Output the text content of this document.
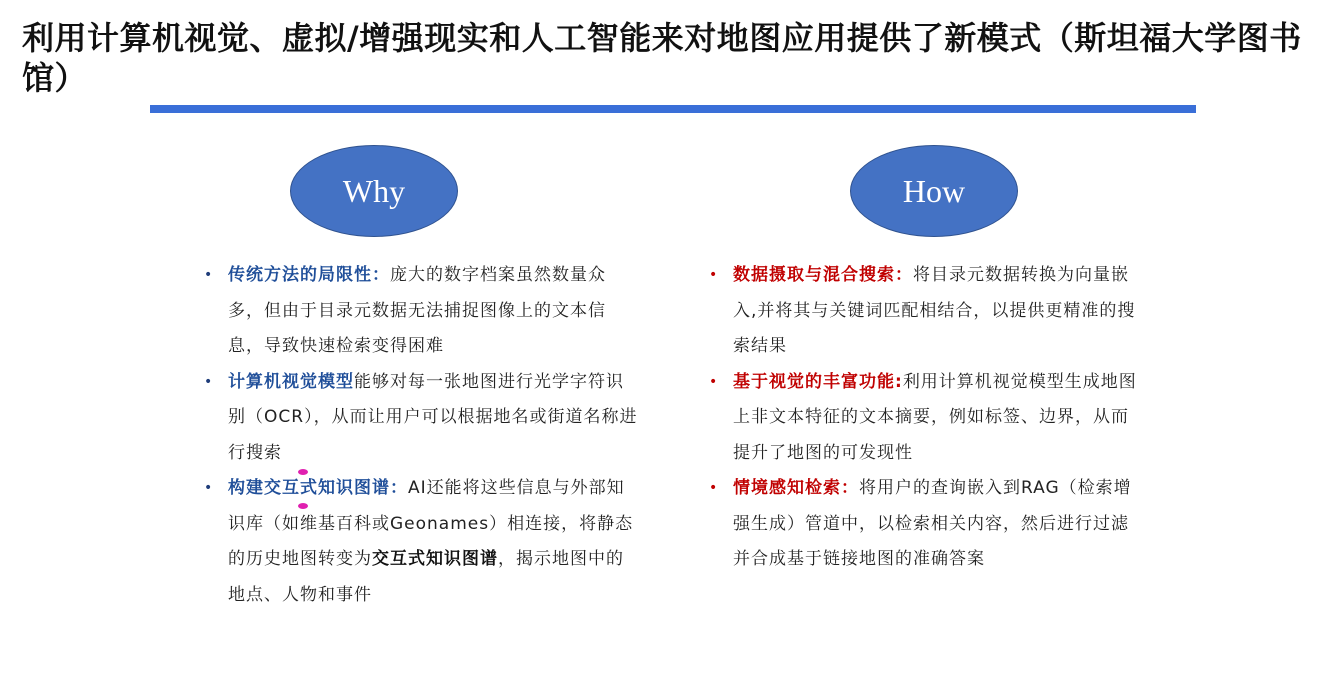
利用计算机视觉、虚拟/增强现实和人工智能来对地图应用提供了新模式（斯坦福大学图书馆）
Why	How
• 传统方法的局限性：庞大的数字档案虽然数量众多，但由于目录元数据无法捕捉图像上的文本信息，导致快速检索变得困难
• 计算机视觉模型能够对每一张地图进行光学字符识别（OCR），从而让用户可以根据地名或街道名称进行搜索
• 构建交互式知识图谱：AI还能将这些信息与外部知识库（如维基百科或Geonames）相连接，将静态的历史地图转变为交互式知识图谱，揭示地图中的地点、人物和事件
• 数据摄取与混合搜索：将目录元数据转换为向量嵌入,并将其与关键词匹配相结合，以提供更精准的搜索结果
• 基于视觉的丰富功能:利用计算机视觉模型生成地图上非文本特征的文本摘要，例如标签、边界，从而提升了地图的可发现性
• 情境感知检索：将用户的查询嵌入到RAG（检索增强生成）管道中，以检索相关内容，然后进行过滤并合成基于链接地图的准确答案
